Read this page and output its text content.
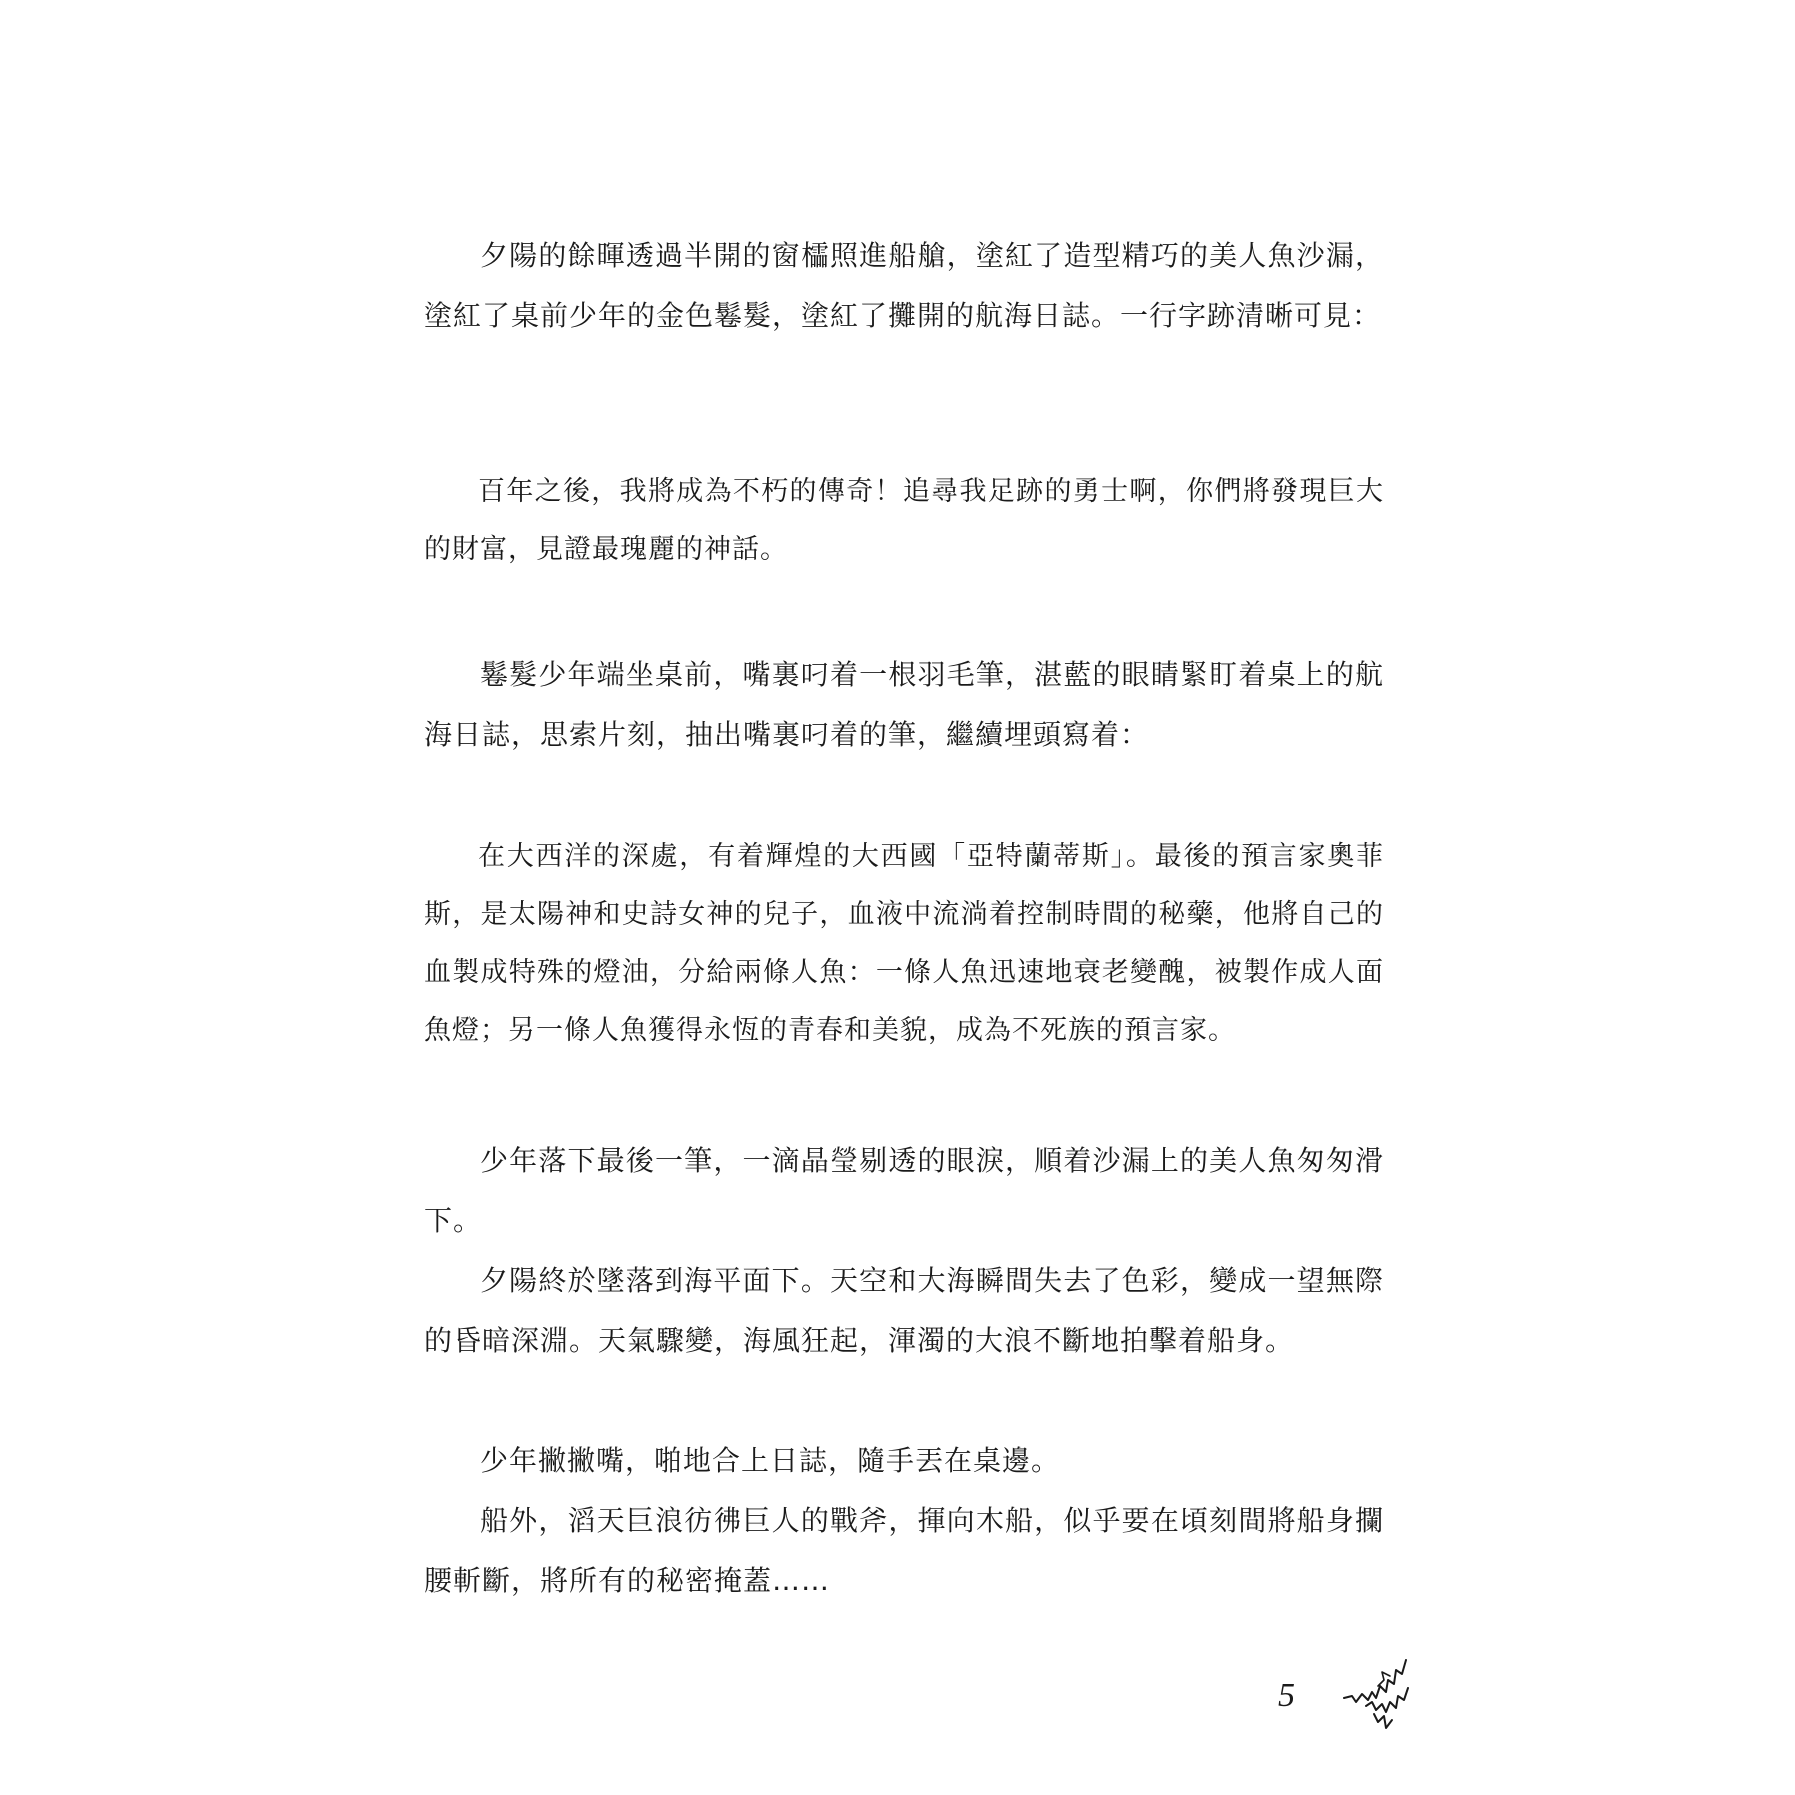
夕陽的餘暉透過半開的窗櫺照進船艙，塗紅了造型精巧的美人魚沙漏，塗紅了桌前少年的金色鬈髮，塗紅了攤開的航海日誌。一行字跡清晰可見：

百年之後，我將成為不朽的傳奇！追尋我足跡的勇士啊，你們將發現巨大的財富，見證最瑰麗的神話。

鬈髮少年端坐桌前，嘴裏叼着一根羽毛筆，湛藍的眼睛緊盯着桌上的航海日誌，思索片刻，抽出嘴裏叼着的筆，繼續埋頭寫着：

在大西洋的深處，有着輝煌的大西國「亞特蘭蒂斯」。最後的預言家奧菲斯，是太陽神和史詩女神的兒子，血液中流淌着控制時間的秘藥，他將自己的血製成特殊的燈油，分給兩條人魚：一條人魚迅速地衰老變醜，被製作成人面魚燈；另一條人魚獲得永恆的青春和美貌，成為不死族的預言家。

少年落下最後一筆，一滴晶瑩剔透的眼淚，順着沙漏上的美人魚匆匆滑下。

夕陽終於墜落到海平面下。天空和大海瞬間失去了色彩，變成一望無際的昏暗深淵。天氣驟變，海風狂起，渾濁的大浪不斷地拍擊着船身。

少年撇撇嘴，啪地合上日誌，隨手丟在桌邊。

船外，滔天巨浪彷彿巨人的戰斧，揮向木船，似乎要在頃刻間將船身攔腰斬斷，將所有的秘密掩蓋……

5
